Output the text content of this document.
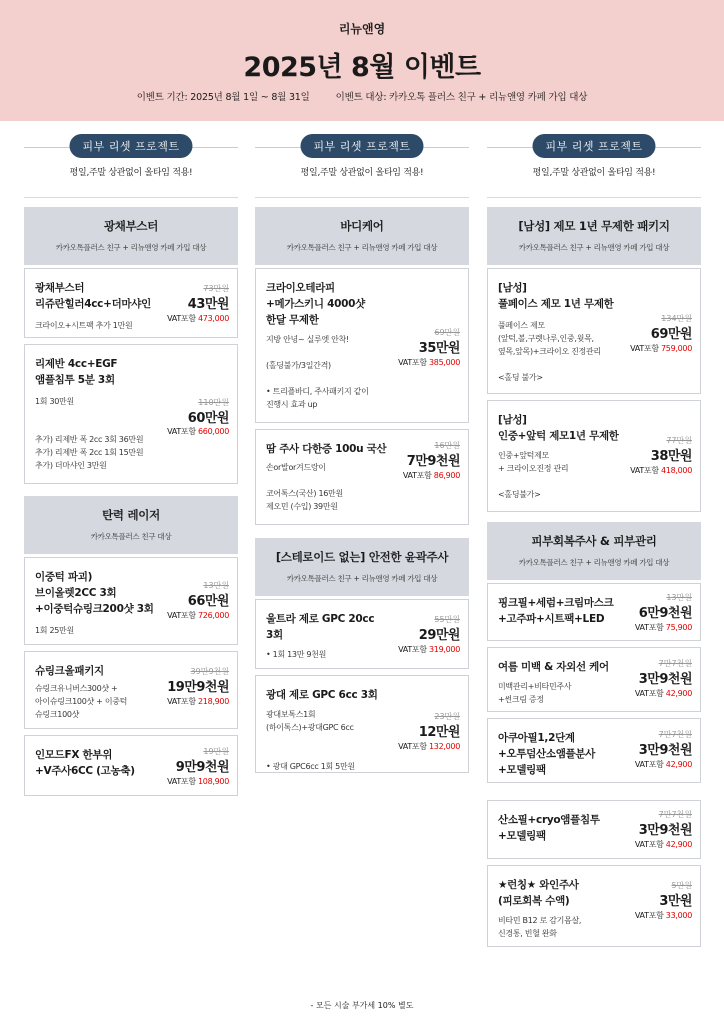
리뉴앤영
2025년 8월 이벤트
이벤트 기간: 2025년 8월 1일 ~ 8월 31일	이벤트 대상: 카카오톡 플러스 친구 + 리뉴앤영 카페 가입 대상
피부 리셋 프로젝트
평일,주말 상관없이 올타임 적용!
광채부스터
카카오톡플러스 친구 + 리뉴앤영 카페 가입 대상
광채부스터
리쥬란힐러4cc+더마샤인
크라이오+시트팩 추가 1만원
73만원
43만원
VAT포함 473,000
리제반 4cc+EGF
앰플침투 5분 3회
1회 30만원
추가) 리제반 폭 2cc 3회 36만원
추가) 리제반 폭 2cc 1회 15만원
추가) 더마샤인 3만원
110만원
60만원
VAT포함 660,000
탄력 레이저
카카오톡플러스 친구 대상
이중턱 파괴)
브이올렛2CC 3회
+이중턱슈링크200샷 3회
1회 25만원
13만원
66만원
VAT포함 726,000
슈링크올패키지
슈링크유니버스300샷 +
아이슈링크100샷 + 이중턱
슈링크100샷
39만9천원
19만9천원
VAT포함 218,900
인모드FX 한부위
+V주사6CC (고농축)
19만원
9만9천원
VAT포함 108,900
피부 리셋 프로젝트
평일,주말 상관없이 올타임 적용!
바디케어
카카오톡플러스 친구 + 리뉴앤영 카페 가입 대상
크라이오테라피
+메가스키니 4000샷
한달 무제한
지방 안녕~ 실루엣 안착!

(홀딩불가/3일간격)

• 트리플바디, 주사패키지 같이
진행시 효과 up
69만원
35만원
VAT포함 385,000
땀 주사 다한증 100u 국산
손or발or겨드랑이

코어톡스(국산) 16만원
제오민 (수입) 39만원
16만원
7만9천원
VAT포함 86,900
[스테로이드 없는] 안전한 윤곽주사
카카오톡플러스 친구 + 리뉴앤영 카페 가입 대상
울트라 제로 GPC 20cc
3회
• 1회 13만 9천원
55만원
29만원
VAT포함 319,000
광대 제로 GPC 6cc 3회
광대보톡스1회
(하이톡스)+광대GPC 6cc

• 광대 GPC6cc 1회 5만원
23만원
12만원
VAT포함 132,000
피부 리셋 프로젝트
평일,주말 상관없이 올타임 적용!
[남성] 제모 1년 무제한 패키지
카카오톡플러스 친구 + 리뉴앤영 카페 가입 대상
[남성]
풀페이스 제모 1년 무제한
풀페이스 제모
(앞턱,볼,구렛나루,인중,윗목,
옆목,앞목)+크라이오 진정관리

<홀딩 불가>
134만원
69만원
VAT포함 759,000
[남성]
인중+앞턱 제모1년 무제한
인중+앞턱제모
+ 크라이오진정 관리

<홀딩불가>
77만원
38만원
VAT포함 418,000
피부회복주사 & 피부관리
카카오톡플러스 친구 + 리뉴앤영 카페 가입 대상
핑크필+세럼+크림마스크
+고주파+시트팩+LED
13만원
6만9천원
VAT포함 75,900
여름 미백 & 자외선 케어
미백관리+비타민주사
+썬크림 증정
7만7천원
3만9천원
VAT포함 42,900
아쿠아필1,2단계
+오투덤산소앰플분사
+모델링팩
7만7천원
3만9천원
VAT포함 42,900
산소필+cryo앰플침투
+모델링팩
7만7천원
3만9천원
VAT포함 42,900
★런칭★ 와인주사
(피로회복 수액)
비타민 B12 로 감기몸살,
신경통, 빈혈 완화
5만원
3만원
VAT포함 33,000
- 모든 시술 부가세 10% 별도
